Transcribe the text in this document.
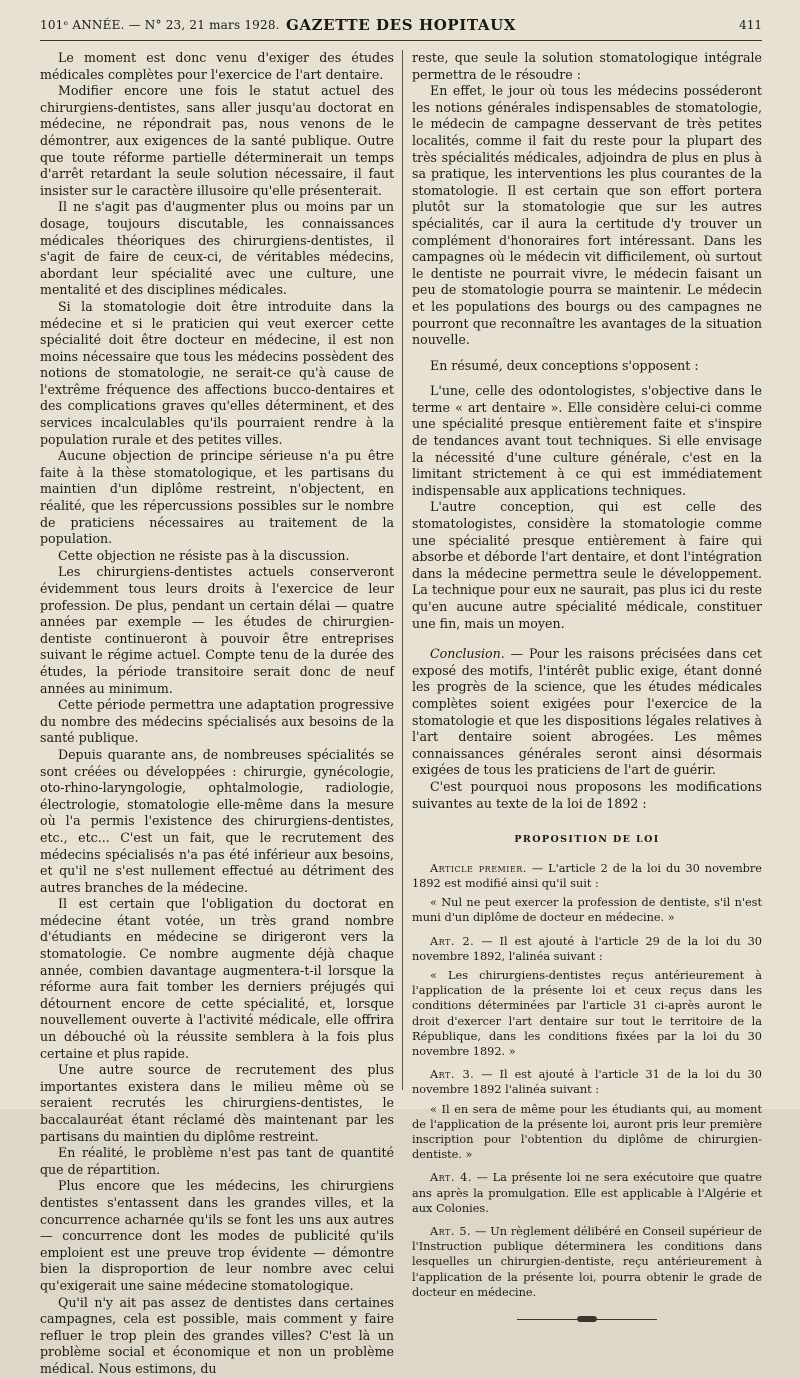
101ᵉ ANNÉE. — N° 23, 21 mars 1928. GAZETTE DES HOPITAUX	411

Le moment est donc venu d'exiger des études médicales complètes pour l'exercice de l'art dentaire.

Modifier encore une fois le statut actuel des chirurgiens-dentistes, sans aller jusqu'au doctorat en médecine, ne répondrait pas, nous venons de le démontrer, aux exigences de la santé publique. Outre que toute réforme partielle déterminerait un temps d'arrêt retardant la seule solution nécessaire, il faut insister sur le caractère illusoire qu'elle présenterait.

Il ne s'agit pas d'augmenter plus ou moins par un dosage, toujours discutable, les connaissances médicales théoriques des chirurgiens-dentistes, il s'agit de faire de ceux-ci, de véritables médecins, abordant leur spécialité avec une culture, une mentalité et des disciplines médicales.

Si la stomatologie doit être introduite dans la médecine et si le praticien qui veut exercer cette spécialité doit être docteur en médecine, il est non moins nécessaire que tous les médecins possèdent des notions de stomatologie, ne serait-ce qu'à cause de l'extrême fréquence des affections bucco-dentaires et des complications graves qu'elles déterminent, et des services incalculables qu'ils pourraient rendre à la population rurale et des petites villes.

Aucune objection de principe sérieuse n'a pu être faite à la thèse stomatologique, et les partisans du maintien d'un diplôme restreint, n'objectent, en réalité, que les répercussions possibles sur le nombre de praticiens nécessaires au traitement de la population.

Cette objection ne résiste pas à la discussion.

Les chirurgiens-dentistes actuels conserveront évidemment tous leurs droits à l'exercice de leur profession. De plus, pendant un certain délai — quatre années par exemple — les études de chirurgien-dentiste continueront à pouvoir être entreprises suivant le régime actuel. Compte tenu de la durée des études, la période transitoire serait donc de neuf années au minimum.

Cette période permettra une adaptation progressive du nombre des médecins spécialisés aux besoins de la santé publique.

Depuis quarante ans, de nombreuses spécialités se sont créées ou développées : chirurgie, gynécologie, oto-rhino-laryngologie, ophtalmologie, radiologie, électrologie, stomatologie elle-même dans la mesure où l'a permis l'existence des chirurgiens-dentistes, etc., etc... C'est un fait, que le recrutement des médecins spécialisés n'a pas été inférieur aux besoins, et qu'il ne s'est nullement effectué au détriment des autres branches de la médecine.

Il est certain que l'obligation du doctorat en médecine étant votée, un très grand nombre d'étudiants en médecine se dirigeront vers la stomatologie. Ce nombre augmente déjà chaque année, combien davantage augmentera-t-il lorsque la réforme aura fait tomber les derniers préjugés qui détournent encore de cette spécialité, et, lorsque nouvellement ouverte à l'activité médicale, elle offrira un débouché où la réussite semblera à la fois plus certaine et plus rapide.

Une autre source de recrutement des plus importantes existera dans le milieu même où se seraient recrutés les chirurgiens-dentistes, le baccalauréat étant réclamé dès maintenant par les partisans du maintien du diplôme restreint.

En réalité, le problème n'est pas tant de quantité que de répartition.

Plus encore que les médecins, les chirurgiens dentistes s'entassent dans les grandes villes, et la concurrence acharnée qu'ils se font les uns aux autres — concurrence dont les modes de publicité qu'ils emploient est une preuve trop évidente — démontre bien la disproportion de leur nombre avec celui qu'exigerait une saine médecine stomatologique.

Qu'il n'y ait pas assez de dentistes dans certaines campagnes, cela est possible, mais comment y faire refluer le trop plein des grandes villes? C'est là un problème social et économique et non un problème médical. Nous estimons, du

reste, que seule la solution stomatologique intégrale permettra de le résoudre :

En effet, le jour où tous les médecins posséderont les notions générales indispensables de stomatologie, le médecin de campagne desservant de très petites localités, comme il fait du reste pour la plupart des très spécialités médicales, adjoindra de plus en plus à sa pratique, les interventions les plus courantes de la stomatologie. Il est certain que son effort portera plutôt sur la stomatologie que sur les autres spécialités, car il aura la certitude d'y trouver un complément d'honoraires fort intéressant. Dans les campagnes où le médecin vit difficilement, où surtout le dentiste ne pourrait vivre, le médecin faisant un peu de stomatologie pourra se maintenir. Le médecin et les populations des bourgs ou des campagnes ne pourront que reconnaître les avantages de la situation nouvelle.

En résumé, deux conceptions s'opposent :

L'une, celle des odontologistes, s'objective dans le terme « art dentaire ». Elle considère celui-ci comme une spécialité presque entièrement faite et s'inspire de tendances avant tout techniques. Si elle envisage la nécessité d'une culture générale, c'est en la limitant strictement à ce qui est immédiatement indispensable aux applications techniques.

L'autre conception, qui est celle des stomatologistes, considère la stomatologie comme une spécialité presque entièrement à faire qui absorbe et déborde l'art dentaire, et dont l'intégration dans la médecine permettra seule le développement. La technique pour eux ne saurait, pas plus ici du reste qu'en aucune autre spécialité médicale, constituer une fin, mais un moyen.

Conclusion. — Pour les raisons précisées dans cet exposé des motifs, l'intérêt public exige, étant donné les progrès de la science, que les études médicales complètes soient exigées pour l'exercice de la stomatologie et que les dispositions légales relatives à l'art dentaire soient abrogées. Les mêmes connaissances générales seront ainsi désormais exigées de tous les praticiens de l'art de guérir.

C'est pourquoi nous proposons les modifications suivantes au texte de la loi de 1892 :

PROPOSITION DE LOI

Article premier. — L'article 2 de la loi du 30 novembre 1892 est modifié ainsi qu'il suit :

« Nul ne peut exercer la profession de dentiste, s'il n'est muni d'un diplôme de docteur en médecine. »

Art. 2. — Il est ajouté à l'article 29 de la loi du 30 novembre 1892, l'alinéa suivant :

« Les chirurgiens-dentistes reçus antérieurement à l'application de la présente loi et ceux reçus dans les conditions déterminées par l'article 31 ci-après auront le droit d'exercer l'art dentaire sur tout le territoire de la République, dans les conditions fixées par la loi du 30 novembre 1892. »

Art. 3. — Il est ajouté à l'article 31 de la loi du 30 novembre 1892 l'alinéa suivant :

« Il en sera de même pour les étudiants qui, au moment de l'application de la présente loi, auront pris leur première inscription pour l'obtention du diplôme de chirurgien-dentiste. »

Art. 4. — La présente loi ne sera exécutoire que quatre ans après la promulgation. Elle est applicable à l'Algérie et aux Colonies.

Art. 5. — Un règlement délibéré en Conseil supérieur de l'Instruction publique déterminera les conditions dans lesquelles un chirurgien-dentiste, reçu antérieurement à l'application de la présente loi, pourra obtenir le grade de docteur en médecine.
